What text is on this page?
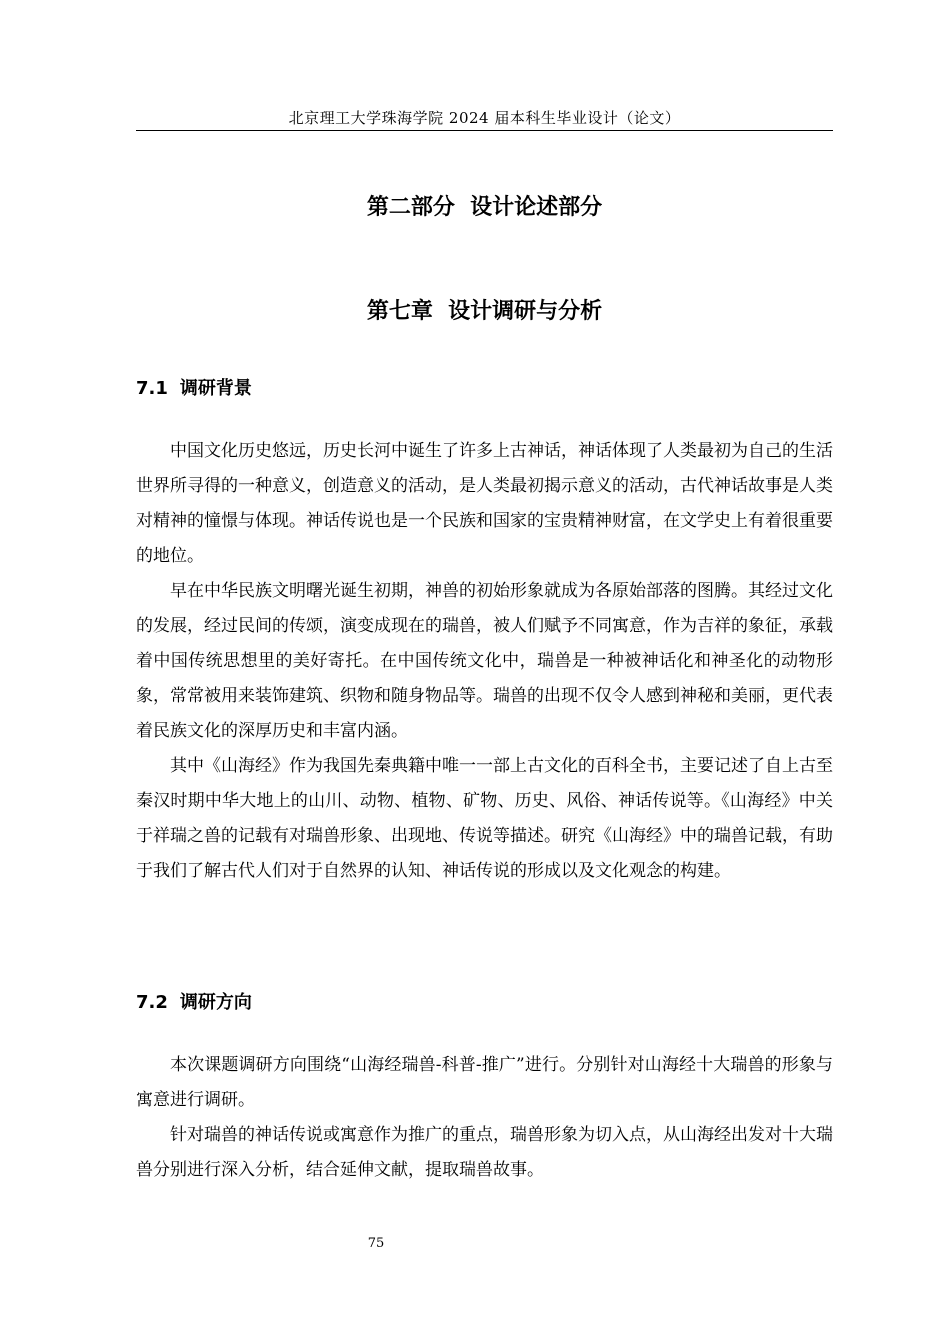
北京理工大学珠海学院 2024 届本科生毕业设计（论文）
第二部分  设计论述部分
第七章  设计调研与分析
7.1 调研背景

中国文化历史悠远，历史长河中诞生了许多上古神话，神话体现了人类最初为自己的生活世界所寻得的一种意义，创造意义的活动，是人类最初揭示意义的活动，古代神话故事是人类对精神的憧憬与体现。神话传说也是一个民族和国家的宝贵精神财富，在文学史上有着很重要的地位。

早在中华民族文明曙光诞生初期，神兽的初始形象就成为各原始部落的图腾。其经过文化的发展，经过民间的传颂，演变成现在的瑞兽，被人们赋予不同寓意，作为吉祥的象征，承载着中国传统思想里的美好寄托。在中国传统文化中，瑞兽是一种被神话化和神圣化的动物形象，常常被用来装饰建筑、织物和随身物品等。瑞兽的出现不仅令人感到神秘和美丽，更代表着民族文化的深厚历史和丰富内涵。

其中《山海经》作为我国先秦典籍中唯一一部上古文化的百科全书，主要记述了自上古至秦汉时期中华大地上的山川、动物、植物、矿物、历史、风俗、神话传说等。《山海经》中关于祥瑞之兽的记载有对瑞兽形象、出现地、传说等描述。研究《山海经》中的瑞兽记载，有助于我们了解古代人们对于自然界的认知、神话传说的形成以及文化观念的构建。

7.2 调研方向

本次课题调研方向围绕“山海经瑞兽-科普-推广”进行。分别针对山海经十大瑞兽的形象与寓意进行调研。

针对瑞兽的神话传说或寓意作为推广的重点，瑞兽形象为切入点，从山海经出发对十大瑞兽分别进行深入分析，结合延伸文献，提取瑞兽故事。

75
